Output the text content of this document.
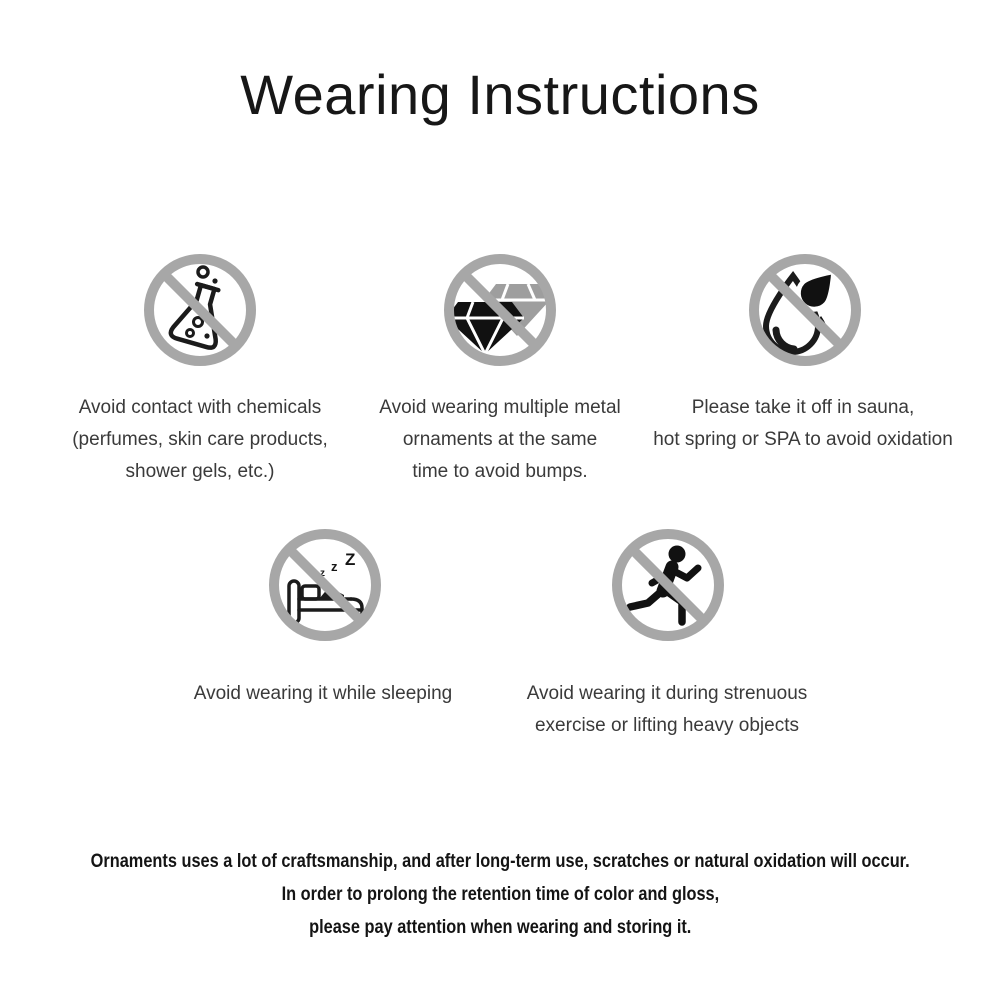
Wearing Instructions
z z Z
Avoid contact with chemicals
(perfumes, skin care products,
shower gels, etc.)
Avoid wearing multiple metal
ornaments at the same
time to avoid bumps.
Please take it off in sauna,
hot spring or SPA to avoid oxidation
Avoid wearing it while sleeping	Avoid wearing it during strenuous
exercise or lifting heavy objects
Ornaments uses a lot of craftsmanship, and after long-term use, scratches or natural oxidation will occur.
In order to prolong the retention time of color and gloss,
please pay attention when wearing and storing it.
